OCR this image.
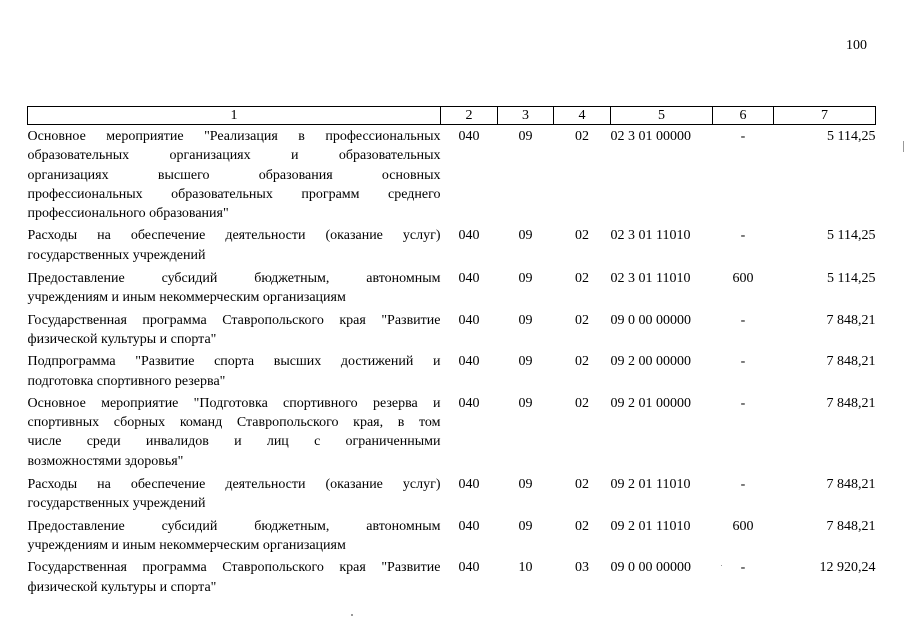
100
1	2	3	4	5	6	7

Основное мероприятие "Реализация в профессиональных
образовательных организациях и образовательных
организациях высшего образования основных
профессиональных образовательных программ среднего
профессионального образования"	040	09	02	02 3 01 00000	-	5 114,25

Расходы на обеспечение деятельности (оказание услуг)
государственных учреждений	040	09	02	02 3 01 11010	-	5 114,25

Предоставление субсидий бюджетным, автономным
учреждениям и иным некоммерческим организациям	040	09	02	02 3 01 11010	600	5 114,25

Государственная программа Ставропольского края "Развитие
физической культуры и спорта"	040	09	02	09 0 00 00000	-	7 848,21

Подпрограмма "Развитие спорта высших достижений и
подготовка спортивного резерва"	040	09	02	09 2 00 00000	-	7 848,21

Основное мероприятие "Подготовка спортивного резерва и
спортивных сборных команд Ставропольского края, в том
числе среди инвалидов и лиц с ограниченными
возможностями здоровья"	040	09	02	09 2 01 00000	-	7 848,21

Расходы на обеспечение деятельности (оказание услуг)
государственных учреждений	040	09	02	09 2 01 11010	-	7 848,21

Предоставление субсидий бюджетным, автономным
учреждениям и иным некоммерческим организациям	040	09	02	09 2 01 11010	600	7 848,21

Государственная программа Ставропольского края "Развитие
физической культуры и спорта"	040	10	03	09 0 00 00000	-	12 920,24
